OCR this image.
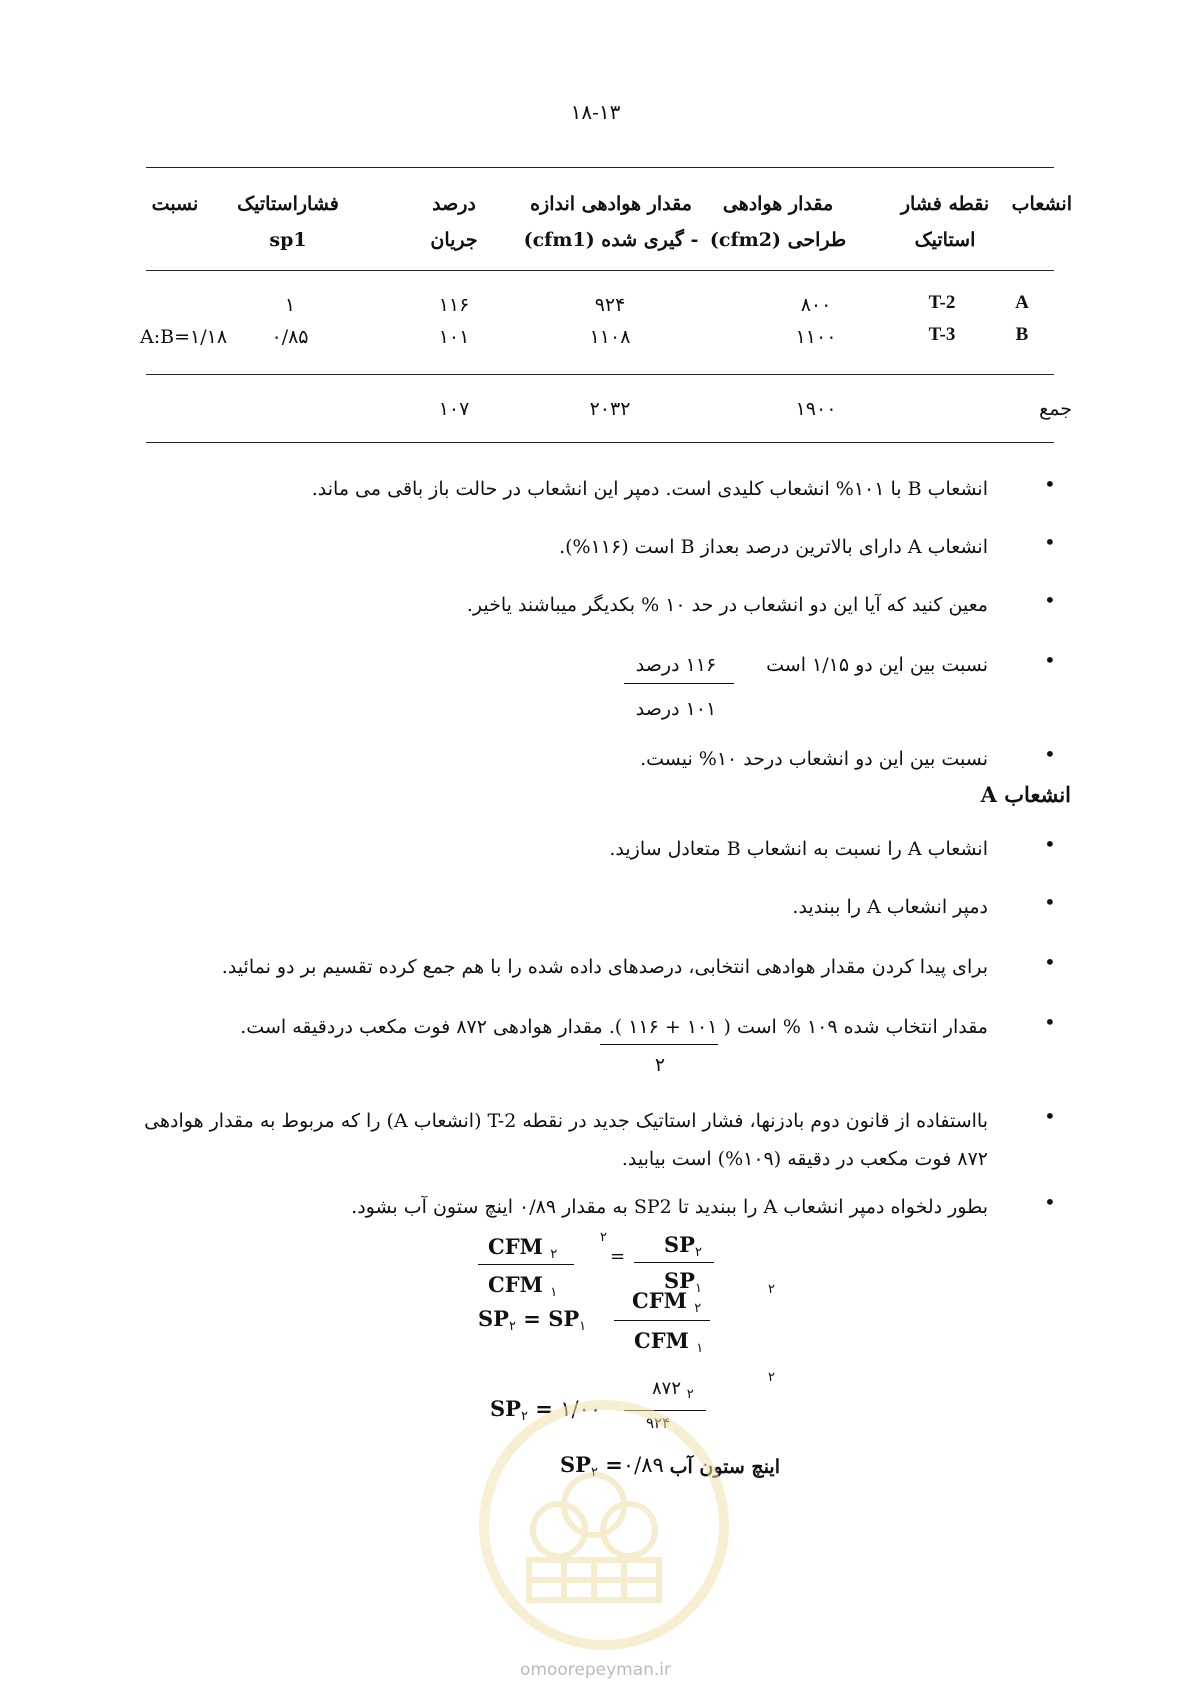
۱۸-۱۳
انشعاب
نقطه فشار
استاتیک
مقدار هوادهی
طراحی (cfm2)
مقدار هوادهی اندازه
- گیری شده (cfm1)
درصد
جریان
فشاراستاتیک
sp1
نسبت
A
T-2
۸۰۰
۹۲۴
۱۱۶
۱
B
T-3
۱۱۰۰
۱۱۰۸
۱۰۱
۰/۸۵
A:B=۱/۱۸
جمع
۱۹۰۰
۲۰۳۲
۱۰۷
•
انشعاب B با ۱۰۱% انشعاب کلیدی است. دمپر این انشعاب در حالت باز باقی می ماند.
•
انشعاب A دارای بالاترین درصد بعداز B است (۱۱۶%).
•
معین کنید که آیا این دو انشعاب در حد ۱۰ % بکدیگر میباشند یاخیر.
•
نسبت بین این دو ۱/۱۵ است
۱۱۶ درصد
۱۰۱ درصد
•
نسبت بین این دو انشعاب درحد ۱۰% نیست.
انشعاب A
•
انشعاب A را نسبت به انشعاب B متعادل سازید.
•
دمپر انشعاب A را ببندید.
•
برای پیدا کردن مقدار هوادهی انتخابی، درصدهای داده شده را با هم جمع کرده تقسیم بر دو نمائید.
•
مقدار انتخاب شده ۱۰۹ % است ( ۱۰۱ + ۱۱۶ ). مقدار هوادهی ۸۷۲ فوت مکعب دردقیقه است.
۲
•
بااستفاده از قانون دوم بادزنها، فشار استاتیک جدید در نقطه T-2 (انشعاب A) را که مربوط به مقدار هوادهی
۸۷۲ فوت مکعب در دقیقه (۱۰۹%) است بیابید.
•
بطور دلخواه دمپر انشعاب A را ببندید تا SP2 به مقدار ۰/۸۹ اینچ ستون آب بشود.
CFM ۲
CFM ۱
۲
= SP۲
SP۱	۲
CFM ۲
SP۲ = SP۱
CFM ۱
۲
۸۷۲ $_۲$
SP۲ = ۱/۰۰
۹۲۴
SP۲ =۰/۸۹ اینچ ستون آب
omoorepeyman.ir
